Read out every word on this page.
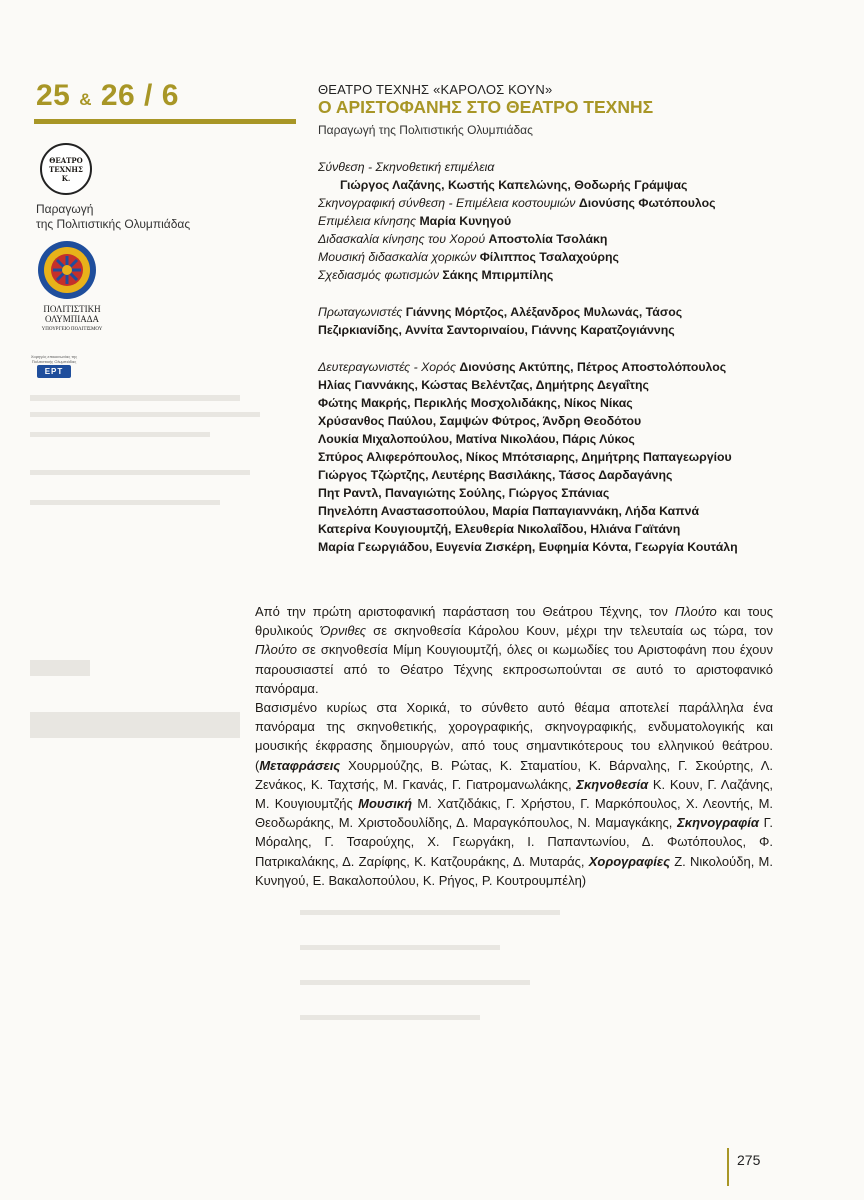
25 & 26 / 6
ΘΕΑΤΡΟ
ΤΕΧΝΗΣ
Κ.
Παραγωγή
της Πολιτιστικής Ολυμπιάδας
ΠΟΛΙΤΙΣΤΙΚΗ
ΟΛΥΜΠΙΑΔΑ
ΥΠΟΥΡΓΕΙΟ ΠΟΛΙΤΙΣΜΟΥ
Χορηγός επικοινωνίας της Πολιτιστικής Ολυμπιάδας
ΕΡΤ
ΘΕΑΤΡΟ ΤΕΧΝΗΣ «ΚΑΡΟΛΟΣ ΚΟΥΝ»
Ο ΑΡΙΣΤΟΦΑΝΗΣ ΣΤΟ ΘΕΑΤΡΟ ΤΕΧΝΗΣ
Παραγωγή της Πολιτιστικής Ολυμπιάδας
Σύνθεση - Σκηνοθετική επιμέλεια
Γιώργος Λαζάνης, Κωστής Καπελώνης, Θοδωρής Γράμψας
Σκηνογραφική σύνθεση - Επιμέλεια κοστουμιών Διονύσης Φωτόπουλος
Επιμέλεια κίνησης Μαρία Κυνηγού
Διδασκαλία κίνησης του Χορού Αποστολία Τσολάκη
Μουσική διδασκαλία χορικών Φίλιππος Τσαλαχούρης
Σχεδιασμός φωτισμών Σάκης Μπιρμπίλης
Πρωταγωνιστές Γιάννης Μόρτζος, Αλέξανδρος Μυλωνάς, Τάσος
Πεζιρκιανίδης, Αννίτα Σαντοριναίου, Γιάννης Καρατζογιάννης
Δευτεραγωνιστές - Χορός Διονύσης Ακτύπης, Πέτρος Αποστολόπουλος
Ηλίας Γιαννάκης, Κώστας Βελέντζας, Δημήτρης Δεγαΐτης
Φώτης Μακρής, Περικλής Μοσχολιδάκης, Νίκος Νίκας
Χρύσανθος Παύλου, Σαμψών Φύτρος, Άνδρη Θεοδότου
Λουκία Μιχαλοπούλου, Ματίνα Νικολάου, Πάρις Λύκος
Σπύρος Αλιφερόπουλος, Νίκος Μπότσιαρης, Δημήτρης Παπαγεωργίου
Γιώργος Τζώρτζης, Λευτέρης Βασιλάκης, Τάσος Δαρδαγάνης
Πητ Ραντλ, Παναγιώτης Σούλης, Γιώργος Σπάνιας
Πηνελόπη Αναστασοπούλου, Μαρία Παπαγιαννάκη, Λήδα Καπνά
Κατερίνα Κουγιουμτζή, Ελευθερία Νικολαΐδου, Ηλιάνα Γαϊτάνη
Μαρία Γεωργιάδου, Ευγενία Ζισκέρη, Ευφημία Κόντα, Γεωργία Κουτάλη

Από την πρώτη αριστοφανική παράσταση του Θεάτρου Τέχνης, τον Πλούτο και τους θρυλικούς Όρνιθες σε σκηνοθεσία Κάρολου Κουν, μέχρι την τελευταία ως τώρα, τον Πλούτο σε σκηνοθεσία Μίμη Κουγιουμτζή, όλες οι κωμωδίες του Αριστοφάνη που έχουν παρουσιαστεί από το Θέατρο Τέχνης εκπροσωπούνται σε αυτό το αριστοφανικό πανόραμα.

Βασισμένο κυρίως στα Χορικά, το σύνθετο αυτό θέαμα αποτελεί παράλληλα ένα πανόραμα της σκηνοθετικής, χορογραφικής, σκηνογραφικής, ενδυματολογικής και μουσικής έκφρασης δημιουργών, από τους σημαντικότερους του ελληνικού θεάτρου. (Μεταφράσεις Χουρμούζης, Β. Ρώτας, Κ. Σταματίου, Κ. Βάρναλης, Γ. Σκούρτης, Λ. Ζενάκος, Κ. Ταχτσής, Μ. Γκανάς, Γ. Γιατρομανωλάκης, Σκηνοθεσία Κ. Κουν, Γ. Λαζάνης, Μ. Κουγιουμτζής Μουσική Μ. Χατζιδάκις, Γ. Χρήστου, Γ. Μαρκόπουλος, Χ. Λεοντής, Μ. Θεοδωράκης, Μ. Χριστοδουλίδης, Δ. Μαραγκόπουλος, Ν. Μαμαγκάκης, Σκηνογραφία Γ. Μόραλης, Γ. Τσαρούχης, Χ. Γεωργάκη, Ι. Παπαντωνίου, Δ. Φωτόπουλος, Φ. Πατρικαλάκης, Δ. Ζαρίφης, Κ. Κατζουράκης, Δ. Μυταράς, Χορογραφίες Ζ. Νικολούδη, Μ. Κυνηγού, Ε. Βακαλοπούλου, Κ. Ρήγος, Ρ. Κουτρουμπέλη)

275
